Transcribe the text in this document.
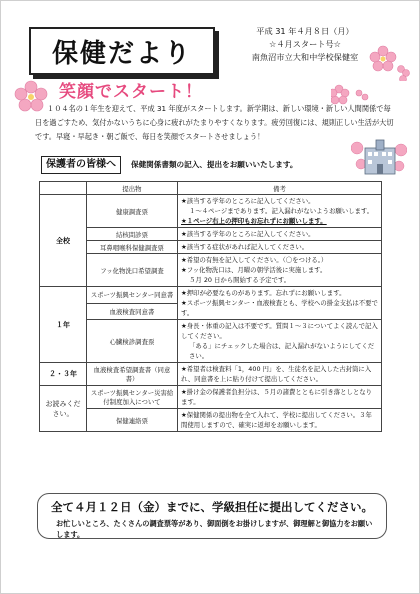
保健だより
平成 31 年４月８日（月）
☆４月スタート号☆
南魚沼市立大和中学校保健室
笑顔でスタート！
１０４名の１年生を迎えて、平成 31 年度がスタートします。新学期は、新しい環境・新しい人間関係で毎日を過ごすため、気付かないうちに心身に疲れがたまりやすくなります。疲労回復には、規則正しい生活が大切です。早寝・早起き・朝ご飯で、毎日を笑顔でスタートさせましょう！
保護者の皆様へ	保健関係書類の記入、提出をお願いいたします。
	提出物	備考
全校	健康調査票	★該当する学年のところに記入してください。
１～４ページまであります。記入漏れがないようお願いします。
★１ページ右上の押印もお忘れずにお願いします。

	結核問診票	★該当する学年のところに記入してください。

	耳鼻咽喉科保健調査票	★該当する症状があれば記入してください。

	フッ化物洗口希望調査	★希望の有無を記入してください。（〇をつける。）
★フッ化物洗口は、月曜の朝学活後に実施します。
５月 20 日から開始する予定です。

１年	スポーツ振興センター同意書	★押印が必要なものがあります。忘れずにお願いします。
★スポーツ振興センター・血液検査とも、学校への掛金支払は不要です。

	血液検査同意書	
	心臓検診調査票	★身長・体重の記入は不要です。質問１～３についてよく読んで記入してください。
「ある」にチェックした場合は、記入漏れがないようにしてください。

２・３年	血液検査希望調査書（同意書）	★希望者は検査料「1，400 円」を、生徒名を記入した古封筒に入れ、同意書を上に貼り付けて提出してください。

お読みください。	スポーツ振興センター災害給付制度加入について	★掛け金の保護者負担分は、５月の諸費とともに引き落としとなります。

	保健連絡票	★保健関係の提出物を全て入れて、学校に提出してください。３年間使用しますので、確実に返却をお願いします。
全て４月１２日（金）までに、学級担任に提出してください。
お忙しいところ、たくさんの調査票等があり、御面倒をお掛けしますが、御理解と御協力をお願いします。
